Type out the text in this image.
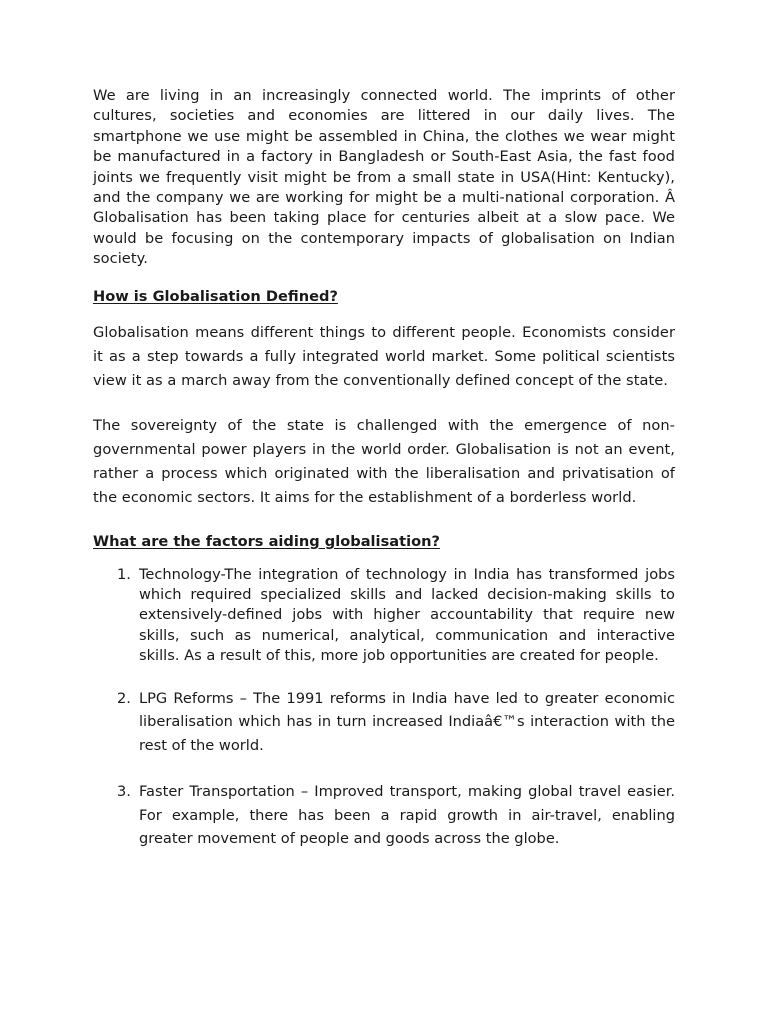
We are living in an increasingly connected world. The imprints of other cultures, societies and economies are littered in our daily lives. The smartphone we use might be assembled in China, the clothes we wear might be manufactured in a factory in Bangladesh or South-East Asia, the fast food joints we frequently visit might be from a small state in USA(Hint: Kentucky), and the company we are working for might be a multi-national corporation. Â Globalisation has been taking place for centuries albeit at a slow pace. We would be focusing on the contemporary impacts of globalisation on Indian society.

How is Globalisation Defined?

Globalisation means different things to different people. Economists consider it as a step towards a fully integrated world market. Some political scientists view it as a march away from the conventionally defined concept of the state.

The sovereignty of the state is challenged with the emergence of non-governmental power players in the world order. Globalisation is not an event, rather a process which originated with the liberalisation and privatisation of the economic sectors. It aims for the establishment of a borderless world.

What are the factors aiding globalisation?
1. Technology-The integration of technology in India has transformed jobs which required specialized skills and lacked decision-making skills to extensively-defined jobs with higher accountability that require new skills, such as numerical, analytical, communication and interactive skills. As a result of this, more job opportunities are created for people.
2. LPG Reforms – The 1991 reforms in India have led to greater economic liberalisation which has in turn increased Indiaâ€™s interaction with the rest of the world.
3. Faster Transportation – Improved transport, making global travel easier. For example, there has been a rapid growth in air-travel, enabling greater movement of people and goods across the globe.
